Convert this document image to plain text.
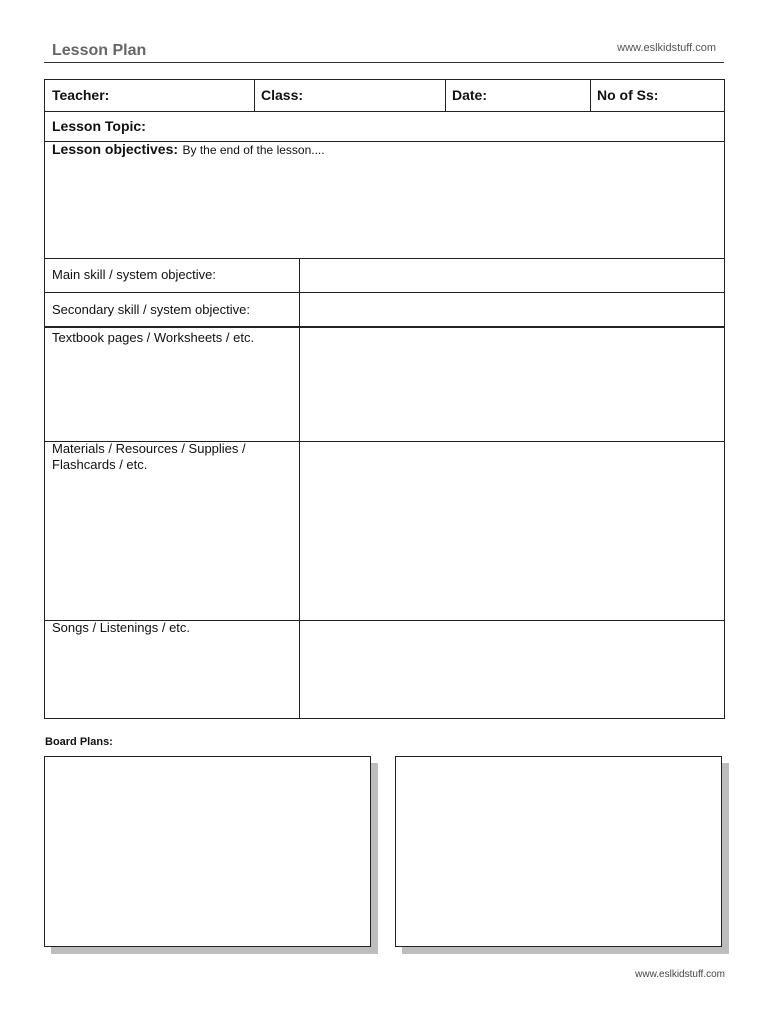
Lesson Plan	www.eslkidstuff.com
Teacher:	Class:	Date:	No of Ss:
Lesson Topic:
Lesson objectives: By the end of the lesson....
Main skill / system objective:
Secondary skill / system objective:
Textbook pages / Worksheets / etc.
Materials / Resources / Supplies /
Flashcards / etc.
Songs / Listenings / etc.
Board Plans:
www.eslkidstuff.com
